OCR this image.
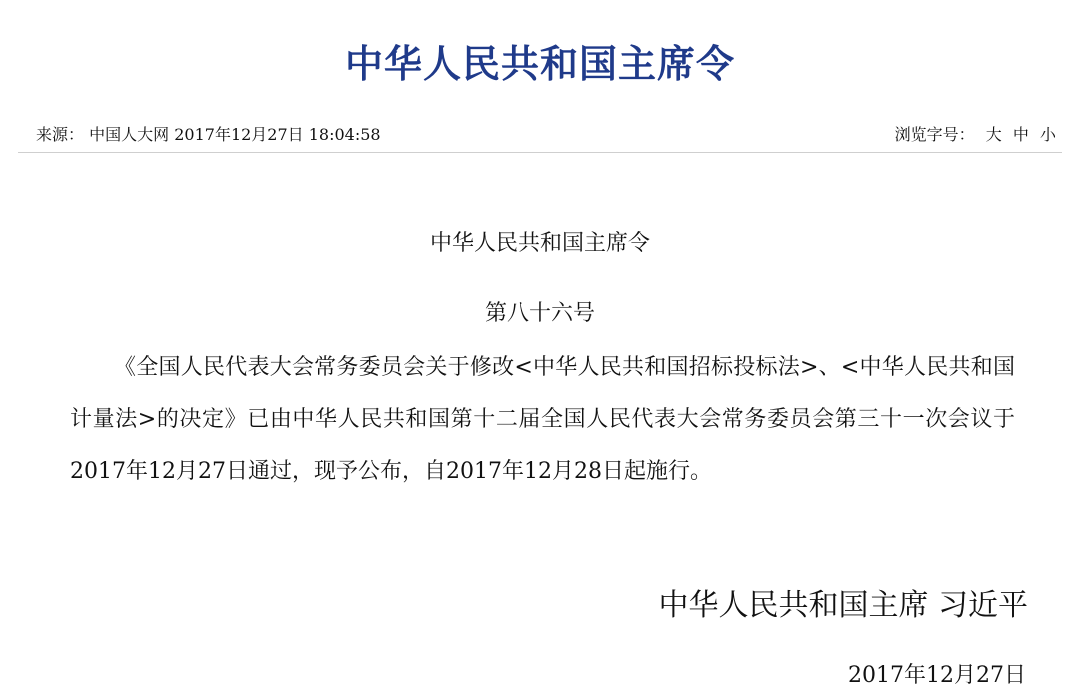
中华人民共和国主席令
来源： 中国人大网 2017年12月27日 18:04:58	浏览字号： 大 中 小
中华人民共和国主席令
第八十六号
《全国人民代表大会常务委员会关于修改<中华人民共和国招标投标法>、<中华人民共和国计量法>的决定》已由中华人民共和国第十二届全国人民代表大会常务委员会第三十一次会议于2017年12月27日通过，现予公布，自2017年12月28日起施行。
中华人民共和国主席 习近平
2017年12月27日
